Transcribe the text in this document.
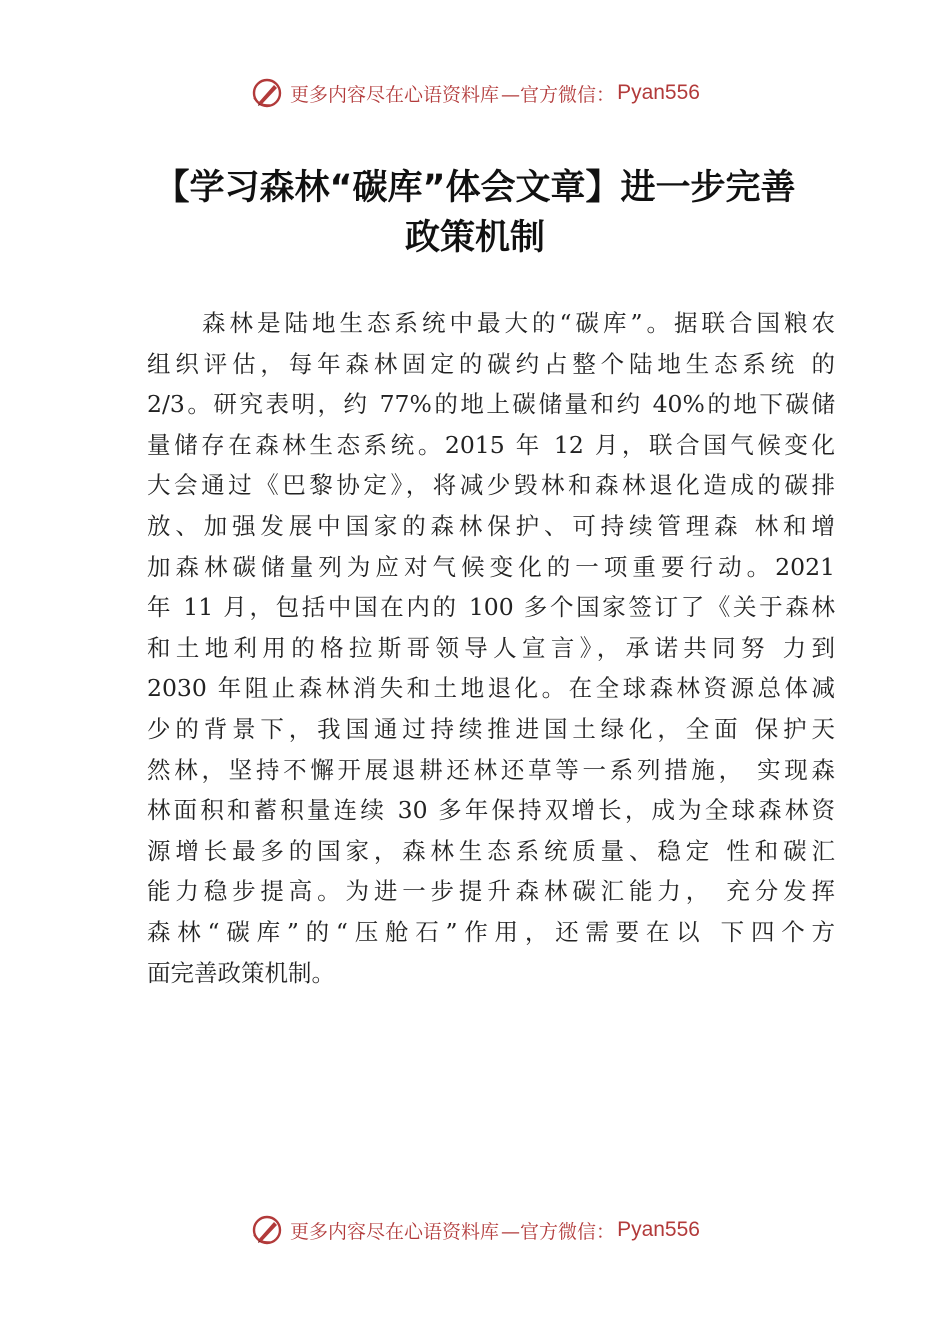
更多内容尽在心语资料库 —官方微信： Pyan556
【学习森林“碳库”体会文章】进一步完善
政策机制
森林是陆地生态系统中最大的“碳库”。据联合国粮农
组织评估，每年森林固定的碳约占整个陆地生态系统 的
2/3。研究表明，约 77%的地上碳储量和约 40%的地下碳储
量储存在森林生态系统。2015 年 12 月，联合国气候变化
大会通过《巴黎协定》，将减少毁林和森林退化造成的碳排
放、加强发展中国家的森林保护、可持续管理森 林和增
加森林碳储量列为应对气候变化的一项重要行动。2021
年 11 月，包括中国在内的 100 多个国家签订了《关于森林
和土地利用的格拉斯哥领导人宣言》，承诺共同努 力到
2030 年阻止森林消失和土地退化。在全球森林资源总体减
少的背景下，我国通过持续推进国土绿化，全面 保护天
然林，坚持不懈开展退耕还林还草等一系列措施， 实现森
林面积和蓄积量连续 30 多年保持双增长，成为全球森林资
源增长最多的国家，森林生态系统质量、稳定 性和碳汇
能力稳步提高。为进一步提升森林碳汇能力， 充分发挥
森林“碳库”的“压舱石”作用，还需要在以 下四个方
面完善政策机制。
更多内容尽在心语资料库 —官方微信： Pyan556
